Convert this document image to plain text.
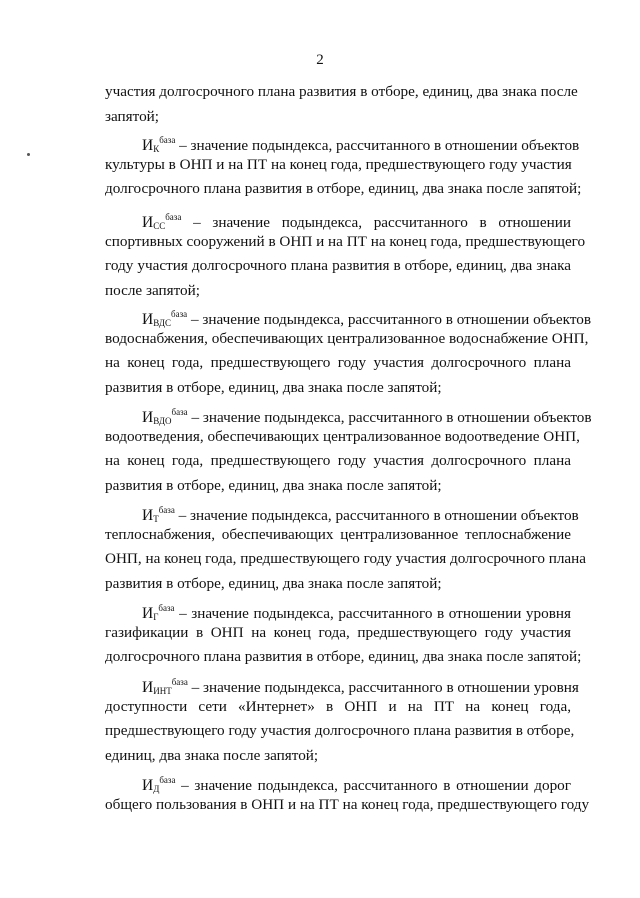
2
участия долгосрочного плана развития в отборе, единиц, два знака после
запятой;
$И_К^{база}$ – значение подындекса, рассчитанного в отношении объектов
культуры в ОНП и на ПТ на конец года, предшествующего году участия
долгосрочного плана развития в отборе, единиц, два знака после запятой;
$И_{СС}^{база}$ – значение подындекса, рассчитанного в отношении
спортивных сооружений в ОНП и на ПТ на конец года, предшествующего
году участия долгосрочного плана развития в отборе, единиц, два знака
после запятой;
$И_{ВДС}^{база}$ – значение подындекса, рассчитанного в отношении объектов
водоснабжения, обеспечивающих централизованное водоснабжение ОНП,
на конец года, предшествующего году участия долгосрочного плана
развития в отборе, единиц, два знака после запятой;
$И_{ВДО}^{база}$ – значение подындекса, рассчитанного в отношении объектов
водоотведения, обеспечивающих централизованное водоотведение ОНП,
на конец года, предшествующего году участия долгосрочного плана
развития в отборе, единиц, два знака после запятой;
$И_Т^{база}$ – значение подындекса, рассчитанного в отношении объектов
теплоснабжения, обеспечивающих централизованное теплоснабжение
ОНП, на конец года, предшествующего году участия долгосрочного плана
развития в отборе, единиц, два знака после запятой;
$И_Г^{база}$ – значение подындекса, рассчитанного в отношении уровня
газификации в ОНП на конец года, предшествующего году участия
долгосрочного плана развития в отборе, единиц, два знака после запятой;
$И_{ИНТ}^{база}$ – значение подындекса, рассчитанного в отношении уровня
доступности сети «Интернет» в ОНП и на ПТ на конец года,
предшествующего году участия долгосрочного плана развития в отборе,
единиц, два знака после запятой;
$И_Д^{база}$ – значение подындекса, рассчитанного в отношении дорог
общего пользования в ОНП и на ПТ на конец года, предшествующего году
